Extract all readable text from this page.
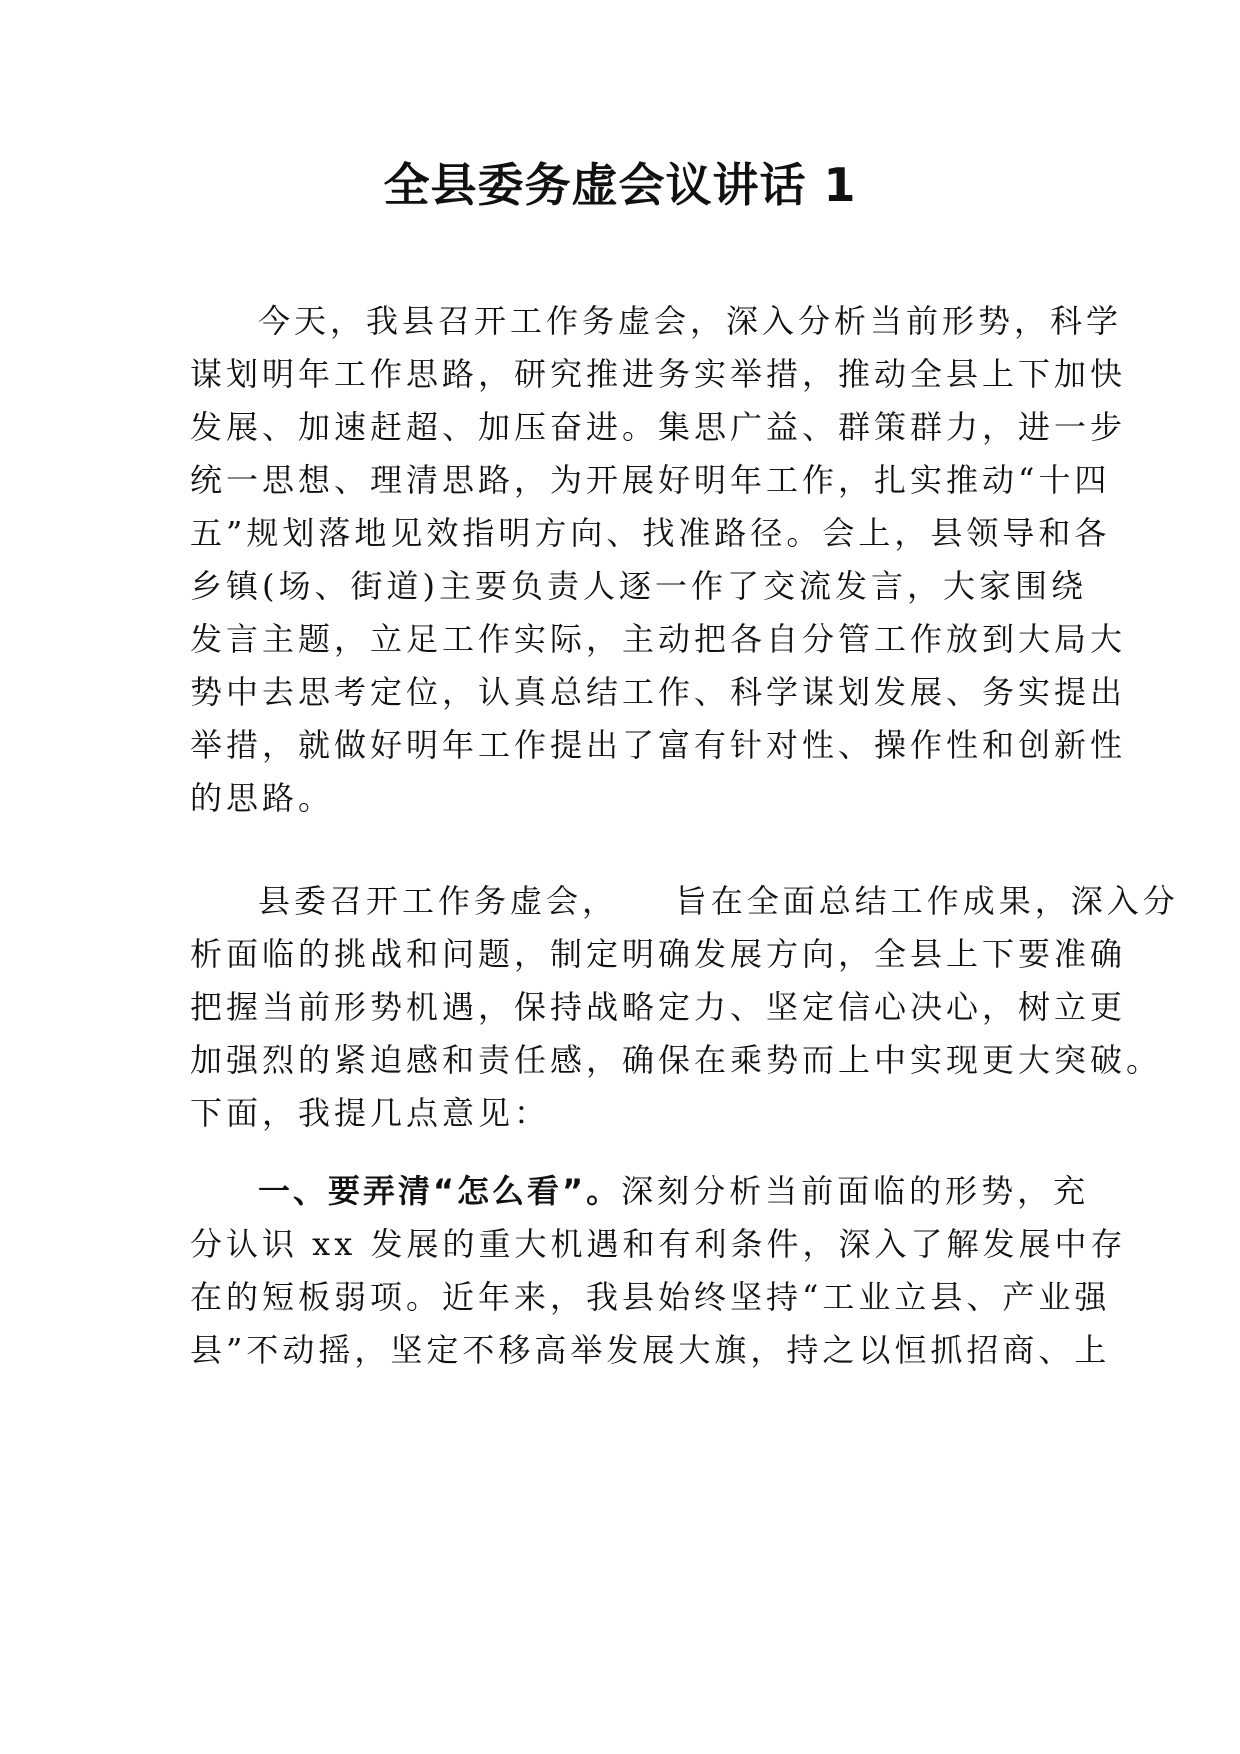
全县委务虚会议讲话 1
今天，我县召开工作务虚会，深入分析当前形势，科学
谋划明年工作思路，研究推进务实举措，推动全县上下加快
发展、加速赶超、加压奋进。集思广益、群策群力，进一步
统一思想、理清思路，为开展好明年工作，扎实推动“十四
五”规划落地见效指明方向、找准路径。会上，县领导和各
乡镇(场、街道)主要负责人逐一作了交流发言，大家围绕
发言主题，立足工作实际，主动把各自分管工作放到大局大
势中去思考定位，认真总结工作、科学谋划发展、务实提出
举措，就做好明年工作提出了富有针对性、操作性和创新性
的思路。
县委召开工作务虚会，    旨在全面总结工作成果，深入分
析面临的挑战和问题，制定明确发展方向，全县上下要准确
把握当前形势机遇，保持战略定力、坚定信心决心，树立更
加强烈的紧迫感和责任感，确保在乘势而上中实现更大突破。
下面，我提几点意见：
一、要弄清“怎么看”。深刻分析当前面临的形势，充
分认识 xx 发展的重大机遇和有利条件，深入了解发展中存
在的短板弱项。近年来，我县始终坚持“工业立县、产业强
县”不动摇，坚定不移高举发展大旗，持之以恒抓招商、上
